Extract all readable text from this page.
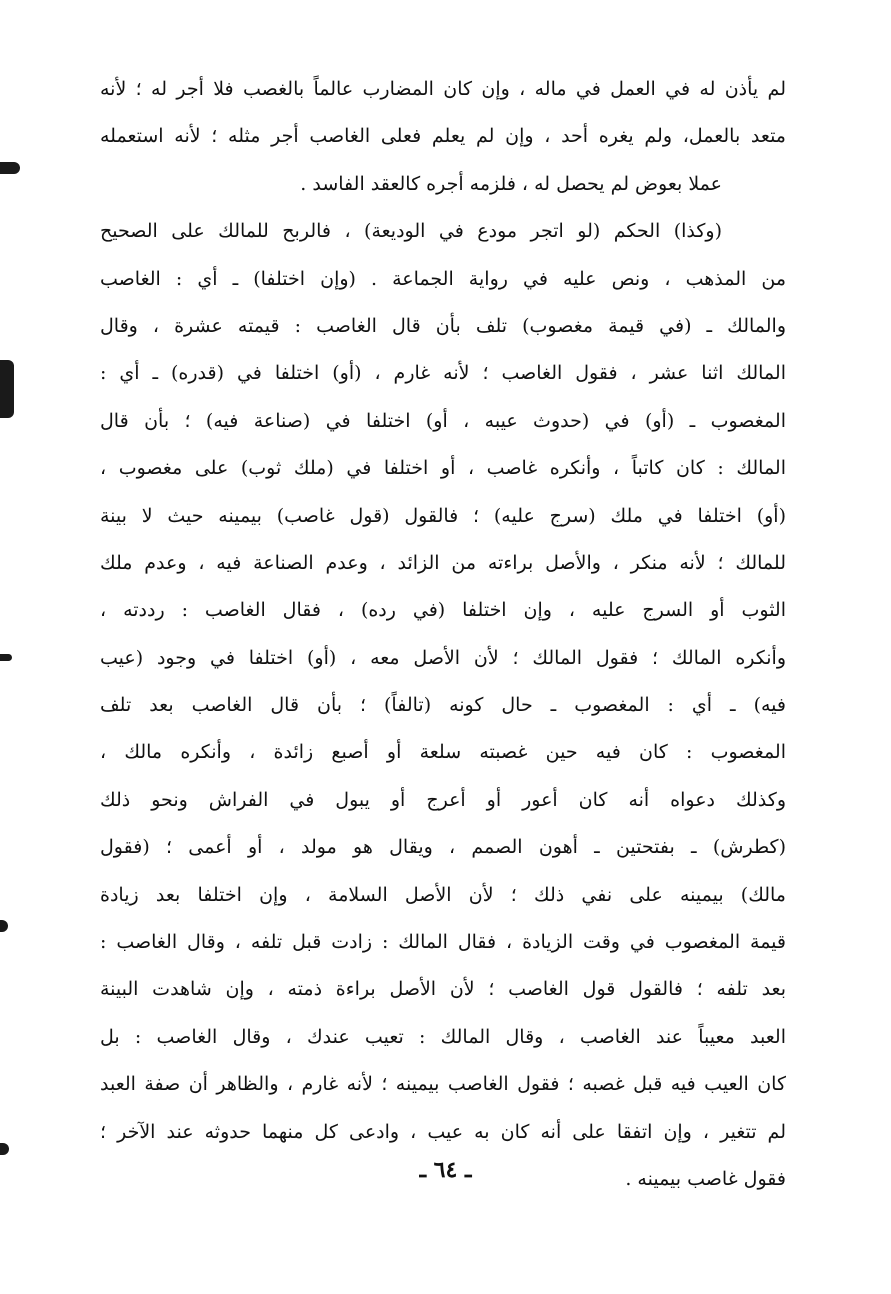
لم يأذن له في العمل في ماله ، وإن كان المضارب عالماً بالغصب فلا أجر له ؛ لأنه
متعد بالعمل، ولم يغره أحد ، وإن لم يعلم فعلى الغاصب أجر مثله ؛ لأنه استعمله
عملا بعوض لم يحصل له ، فلزمه أجره كالعقد الفاسد .
(وكذا) الحكم (لو اتجر مودع في الوديعة) ، فالربح للمالك على الصحيح
من المذهب ، ونص عليه في رواية الجماعة . (وإن اختلفا) ـ أي : الغاصب
والمالك ـ (في قيمة مغصوب) تلف بأن قال الغاصب : قيمته عشرة ، وقال
المالك اثنا عشر ، فقول الغاصب ؛ لأنه غارم ، (أو) اختلفا في (قدره) ـ أي :
المغصوب ـ (أو) في (حدوث عيبه ، أو) اختلفا في (صناعة فيه) ؛ بأن قال
المالك : كان كاتباً ، وأنكره غاصب ، أو اختلفا في (ملك ثوب) على مغصوب ،
(أو) اختلفا في ملك (سرج عليه) ؛ فالقول (قول غاصب) بيمينه حيث لا بينة
للمالك ؛ لأنه منكر ، والأصل براءته من الزائد ، وعدم الصناعة فيه ، وعدم ملك
الثوب أو السرج عليه ، وإن اختلفا (في رده) ، فقال الغاصب : رددته ،
وأنكره المالك ؛ فقول المالك ؛ لأن الأصل معه ، (أو) اختلفا في وجود (عيب
فيه) ـ أي : المغصوب ـ حال كونه (تالفاً) ؛ بأن قال الغاصب بعد تلف
المغصوب : كان فيه حين غصبته سلعة أو أصبع زائدة ، وأنكره مالك ،
وكذلك دعواه أنه كان أعور أو أعرج أو يبول في الفراش ونحو ذلك
(كطرش) ـ بفتحتين ـ أهون الصمم ، ويقال هو مولد ، أو أعمى ؛ (فقول
مالك) بيمينه على نفي ذلك ؛ لأن الأصل السلامة ، وإن اختلفا بعد زيادة
قيمة المغصوب في وقت الزيادة ، فقال المالك : زادت قبل تلفه ، وقال الغاصب :
بعد تلفه ؛ فالقول قول الغاصب ؛ لأن الأصل براءة ذمته ، وإن شاهدت البينة
العبد معيباً عند الغاصب ، وقال المالك : تعيب عندك ، وقال الغاصب : بل
كان العيب فيه قبل غصبه ؛ فقول الغاصب بيمينه ؛ لأنه غارم ، والظاهر أن صفة العبد
لم تتغير ، وإن اتفقا على أنه كان به عيب ، وادعى كل منهما حدوثه عند الآخر ؛
فقول غاصب بيمينه .
ـ ٦٤ ـ
